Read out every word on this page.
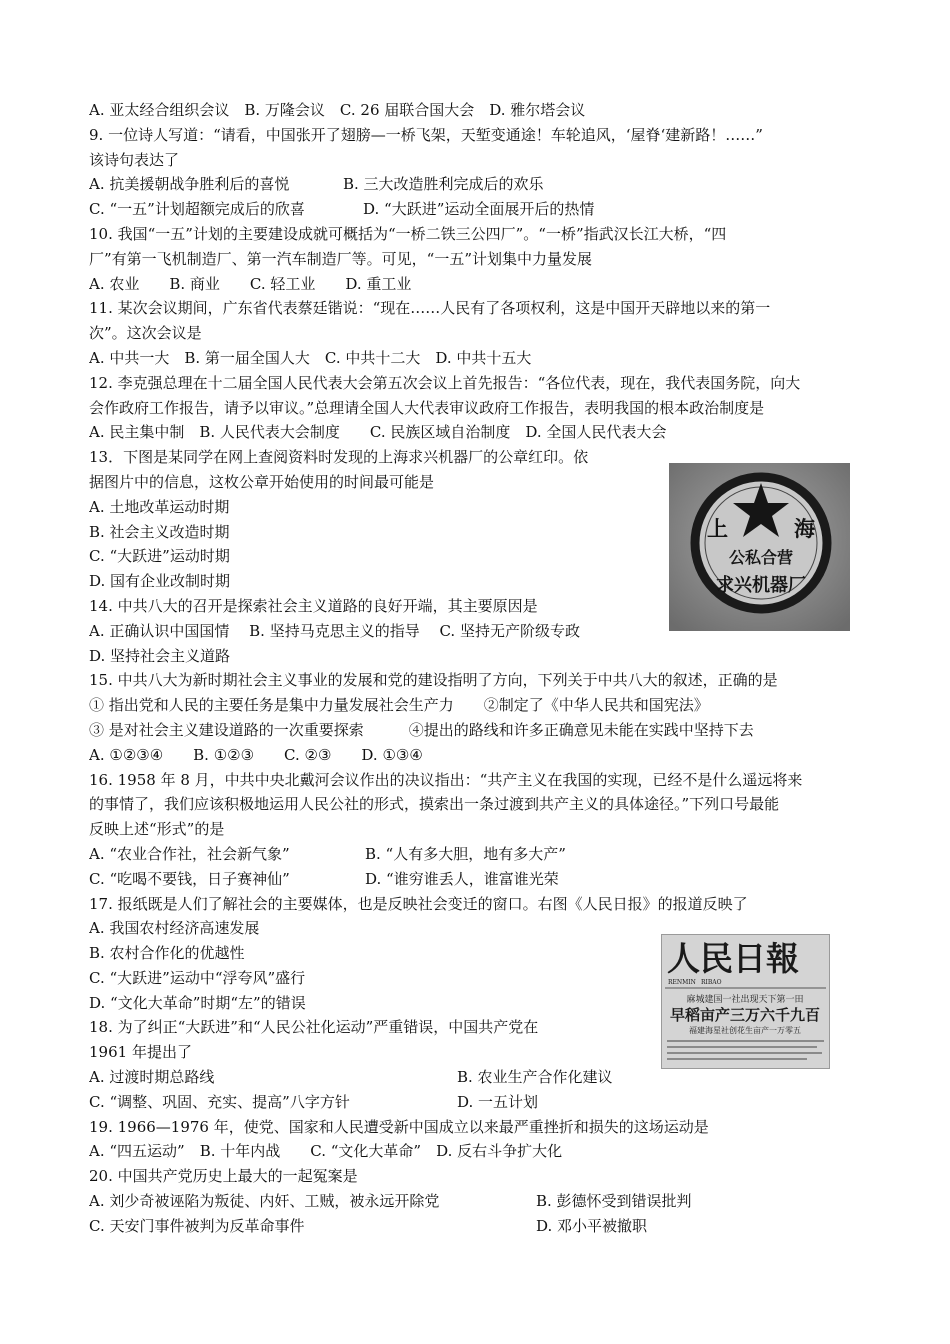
A. 亚太经合组织会议　B. 万隆会议　C. 26 届联合国大会　D. 雅尔塔会议
9. 一位诗人写道：“请看，中国张开了翅膀—一桥飞架，天堑变通途！车轮追风，‘屋脊‘建新路！……”
该诗句表达了
A. 抗美援朝战争胜利后的喜悦	B. 三大改造胜利完成后的欢乐
C. “一五”计划超额完成后的欣喜	D. “大跃进”运动全面展开后的热情
10. 我国“一五”计划的主要建设成就可概括为“一桥二铁三公四厂”。“一桥”指武汉长江大桥，“四
厂”有第一飞机制造厂、第一汽车制造厂等。可见，“一五”计划集中力量发展
A. 农业　　B. 商业　　C. 轻工业　　D. 重工业
11. 某次会议期间，广东省代表蔡廷锴说：“现在……人民有了各项权利，这是中国开天辟地以来的第一
次”。这次会议是
A. 中共一大　B. 第一届全国人大　C. 中共十二大　D. 中共十五大
12. 李克强总理在十二届全国人民代表大会第五次会议上首先报告：“各位代表，现在，我代表国务院，向大
会作政府工作报告，请予以审议。”总理请全国人大代表审议政府工作报告，表明我国的根本政治制度是
A. 民主集中制　B. 人民代表大会制度　　C. 民族区域自治制度　D. 全国人民代表大会
13．下图是某同学在网上查阅资料时发现的上海求兴机器厂的公章红印。依
据图片中的信息，这枚公章开始使用的时间最可能是
A. 土地改革运动时期
B. 社会主义改造时期
C. “大跃进”运动时期
D. 国有企业改制时期
14. 中共八大的召开是探索社会主义道路的良好开端，其主要原因是
A. 正确认识中国国情　 B. 坚持马克思主义的指导　 C. 坚持无产阶级专政
D. 坚持社会主义道路
15. 中共八大为新时期社会主义事业的发展和党的建设指明了方向，下列关于中共八大的叙述，正确的是
① 指出党和人民的主要任务是集中力量发展社会生产力　　②制定了《中华人民共和国宪法》
③ 是对社会主义建设道路的一次重要探索　　　④提出的路线和许多正确意见未能在实践中坚持下去
A. ①②③④　　B. ①②③　　C. ②③　　D. ①③④
16. 1958 年 8 月，中共中央北戴河会议作出的决议指出：“共产主义在我国的实现，已经不是什么遥远将来
的事情了，我们应该积极地运用人民公社的形式，摸索出一条过渡到共产主义的具体途径。”下列口号最能
反映上述“形式”的是
A. “农业合作社，社会新气象”	B. “人有多大胆，地有多大产”
C. “吃喝不要钱，日子赛神仙”	D. “谁穷谁丢人，谁富谁光荣
17. 报纸既是人们了解社会的主要媒体，也是反映社会变迁的窗口。右图《人民日报》的报道反映了
A. 我国农村经济高速发展
B. 农村合作化的优越性
C. “大跃进”运动中“浮夸风”盛行
D. “文化大革命”时期“左”的错误
18. 为了纠正“大跃进”和“人民公社化运动”严重错误，中国共产党在
1961 年提出了
A. 过渡时期总路线	B. 农业生产合作化建议
C. “调整、巩固、充实、提高”八字方针	D. 一五计划
19. 1966—1976 年，使党、国家和人民遭受新中国成立以来最严重挫折和损失的这场运动是
A. “四五运动”　B. 十年内战　　C. “文化大革命”　D. 反右斗争扩大化
20. 中国共产党历史上最大的一起冤案是
A. 刘少奇被诬陷为叛徒、内奸、工贼，被永远开除党	B. 彭德怀受到错误批判
C. 天安门事件被判为反革命事件	D. 邓小平被撤职
上	海
公私合营
求兴机器厂
人民日報
RENMIN RIBAO
麻城建国一社出现天下第一田
早稻亩产三万六千九百
福建海星社创花生亩产一万零五
